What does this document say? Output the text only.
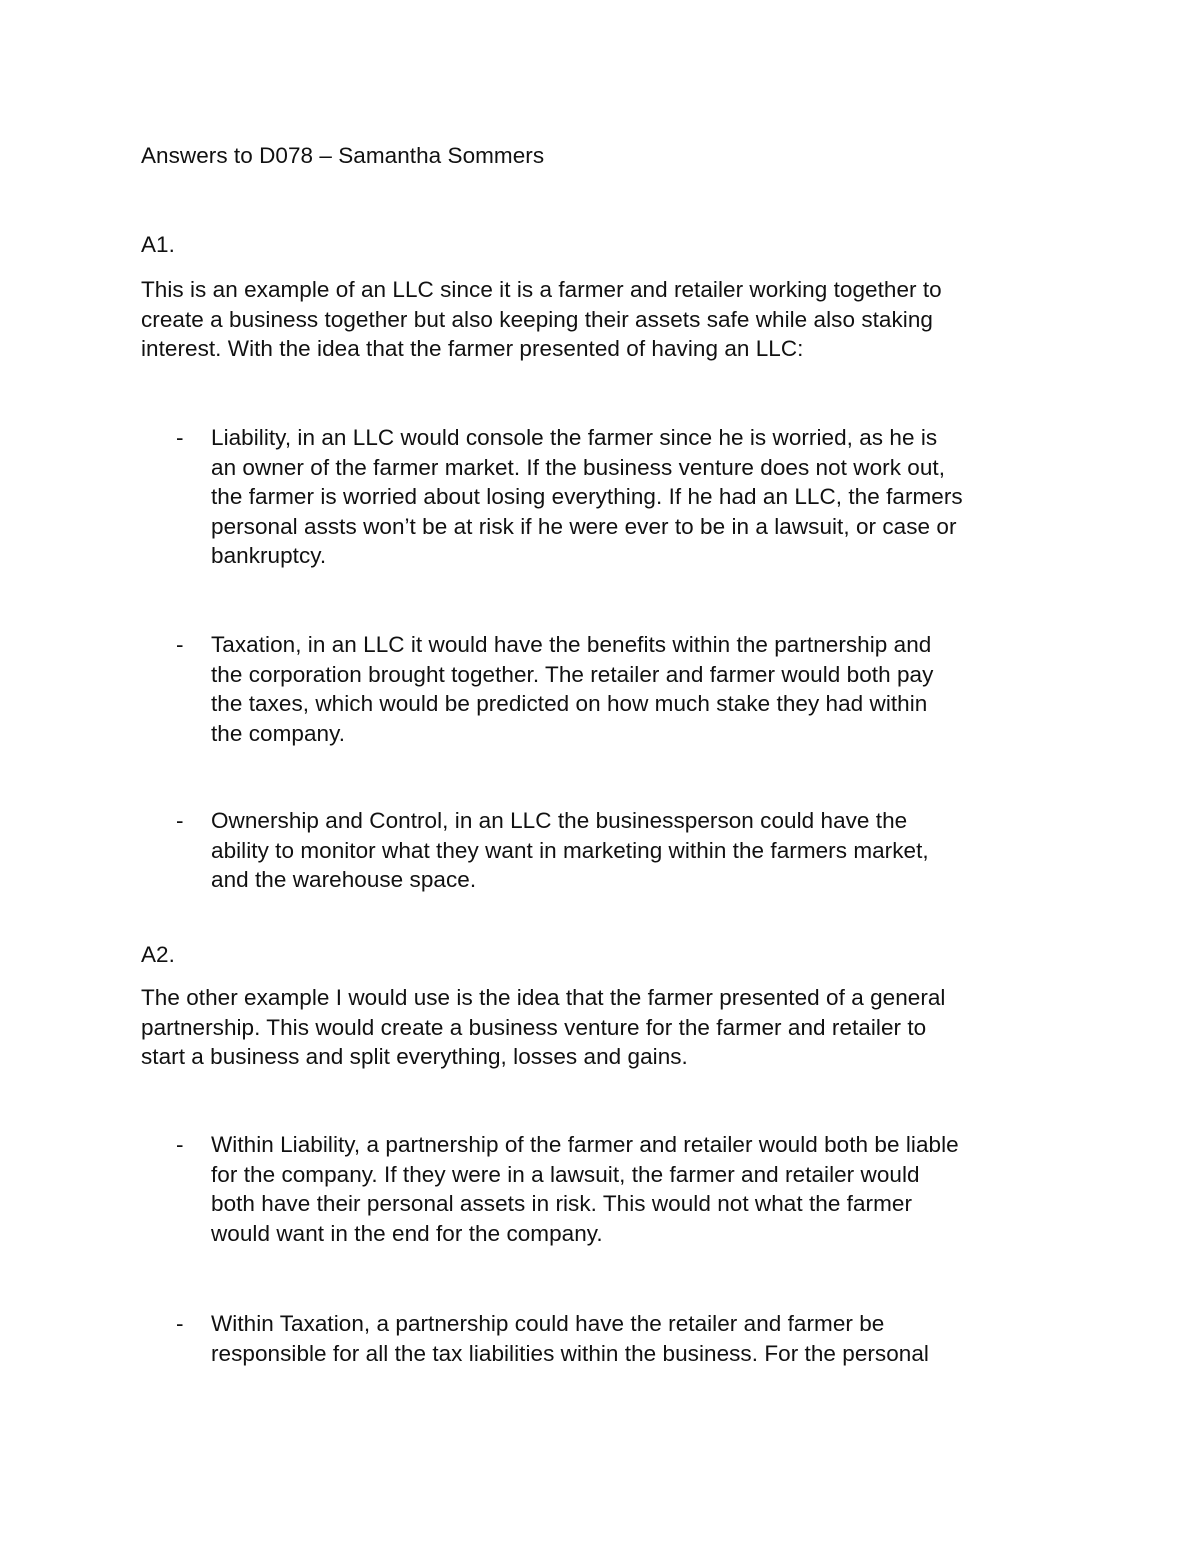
Answers to D078 – Samantha Sommers
A1.
This is an example of an LLC since it is a farmer and retailer working together to
create a business together but also keeping their assets safe while also staking
interest. With the idea that the farmer presented of having an LLC:
-	Liability, in an LLC would console the farmer since he is worried, as he is
an owner of the farmer market. If the business venture does not work out,
the farmer is worried about losing everything. If he had an LLC, the farmers
personal assts won’t be at risk if he were ever to be in a lawsuit, or case or
bankruptcy.
-	Taxation, in an LLC it would have the benefits within the partnership and
the corporation brought together. The retailer and farmer would both pay
the taxes, which would be predicted on how much stake they had within
the company.
-	Ownership and Control, in an LLC the businessperson could have the
ability to monitor what they want in marketing within the farmers market,
and the warehouse space.
A2.
The other example I would use is the idea that the farmer presented of a general
partnership. This would create a business venture for the farmer and retailer to
start a business and split everything, losses and gains.
-	Within Liability, a partnership of the farmer and retailer would both be liable
for the company. If they were in a lawsuit, the farmer and retailer would
both have their personal assets in risk. This would not what the farmer
would want in the end for the company.
-	Within Taxation, a partnership could have the retailer and farmer be
responsible for all the tax liabilities within the business. For the personal
